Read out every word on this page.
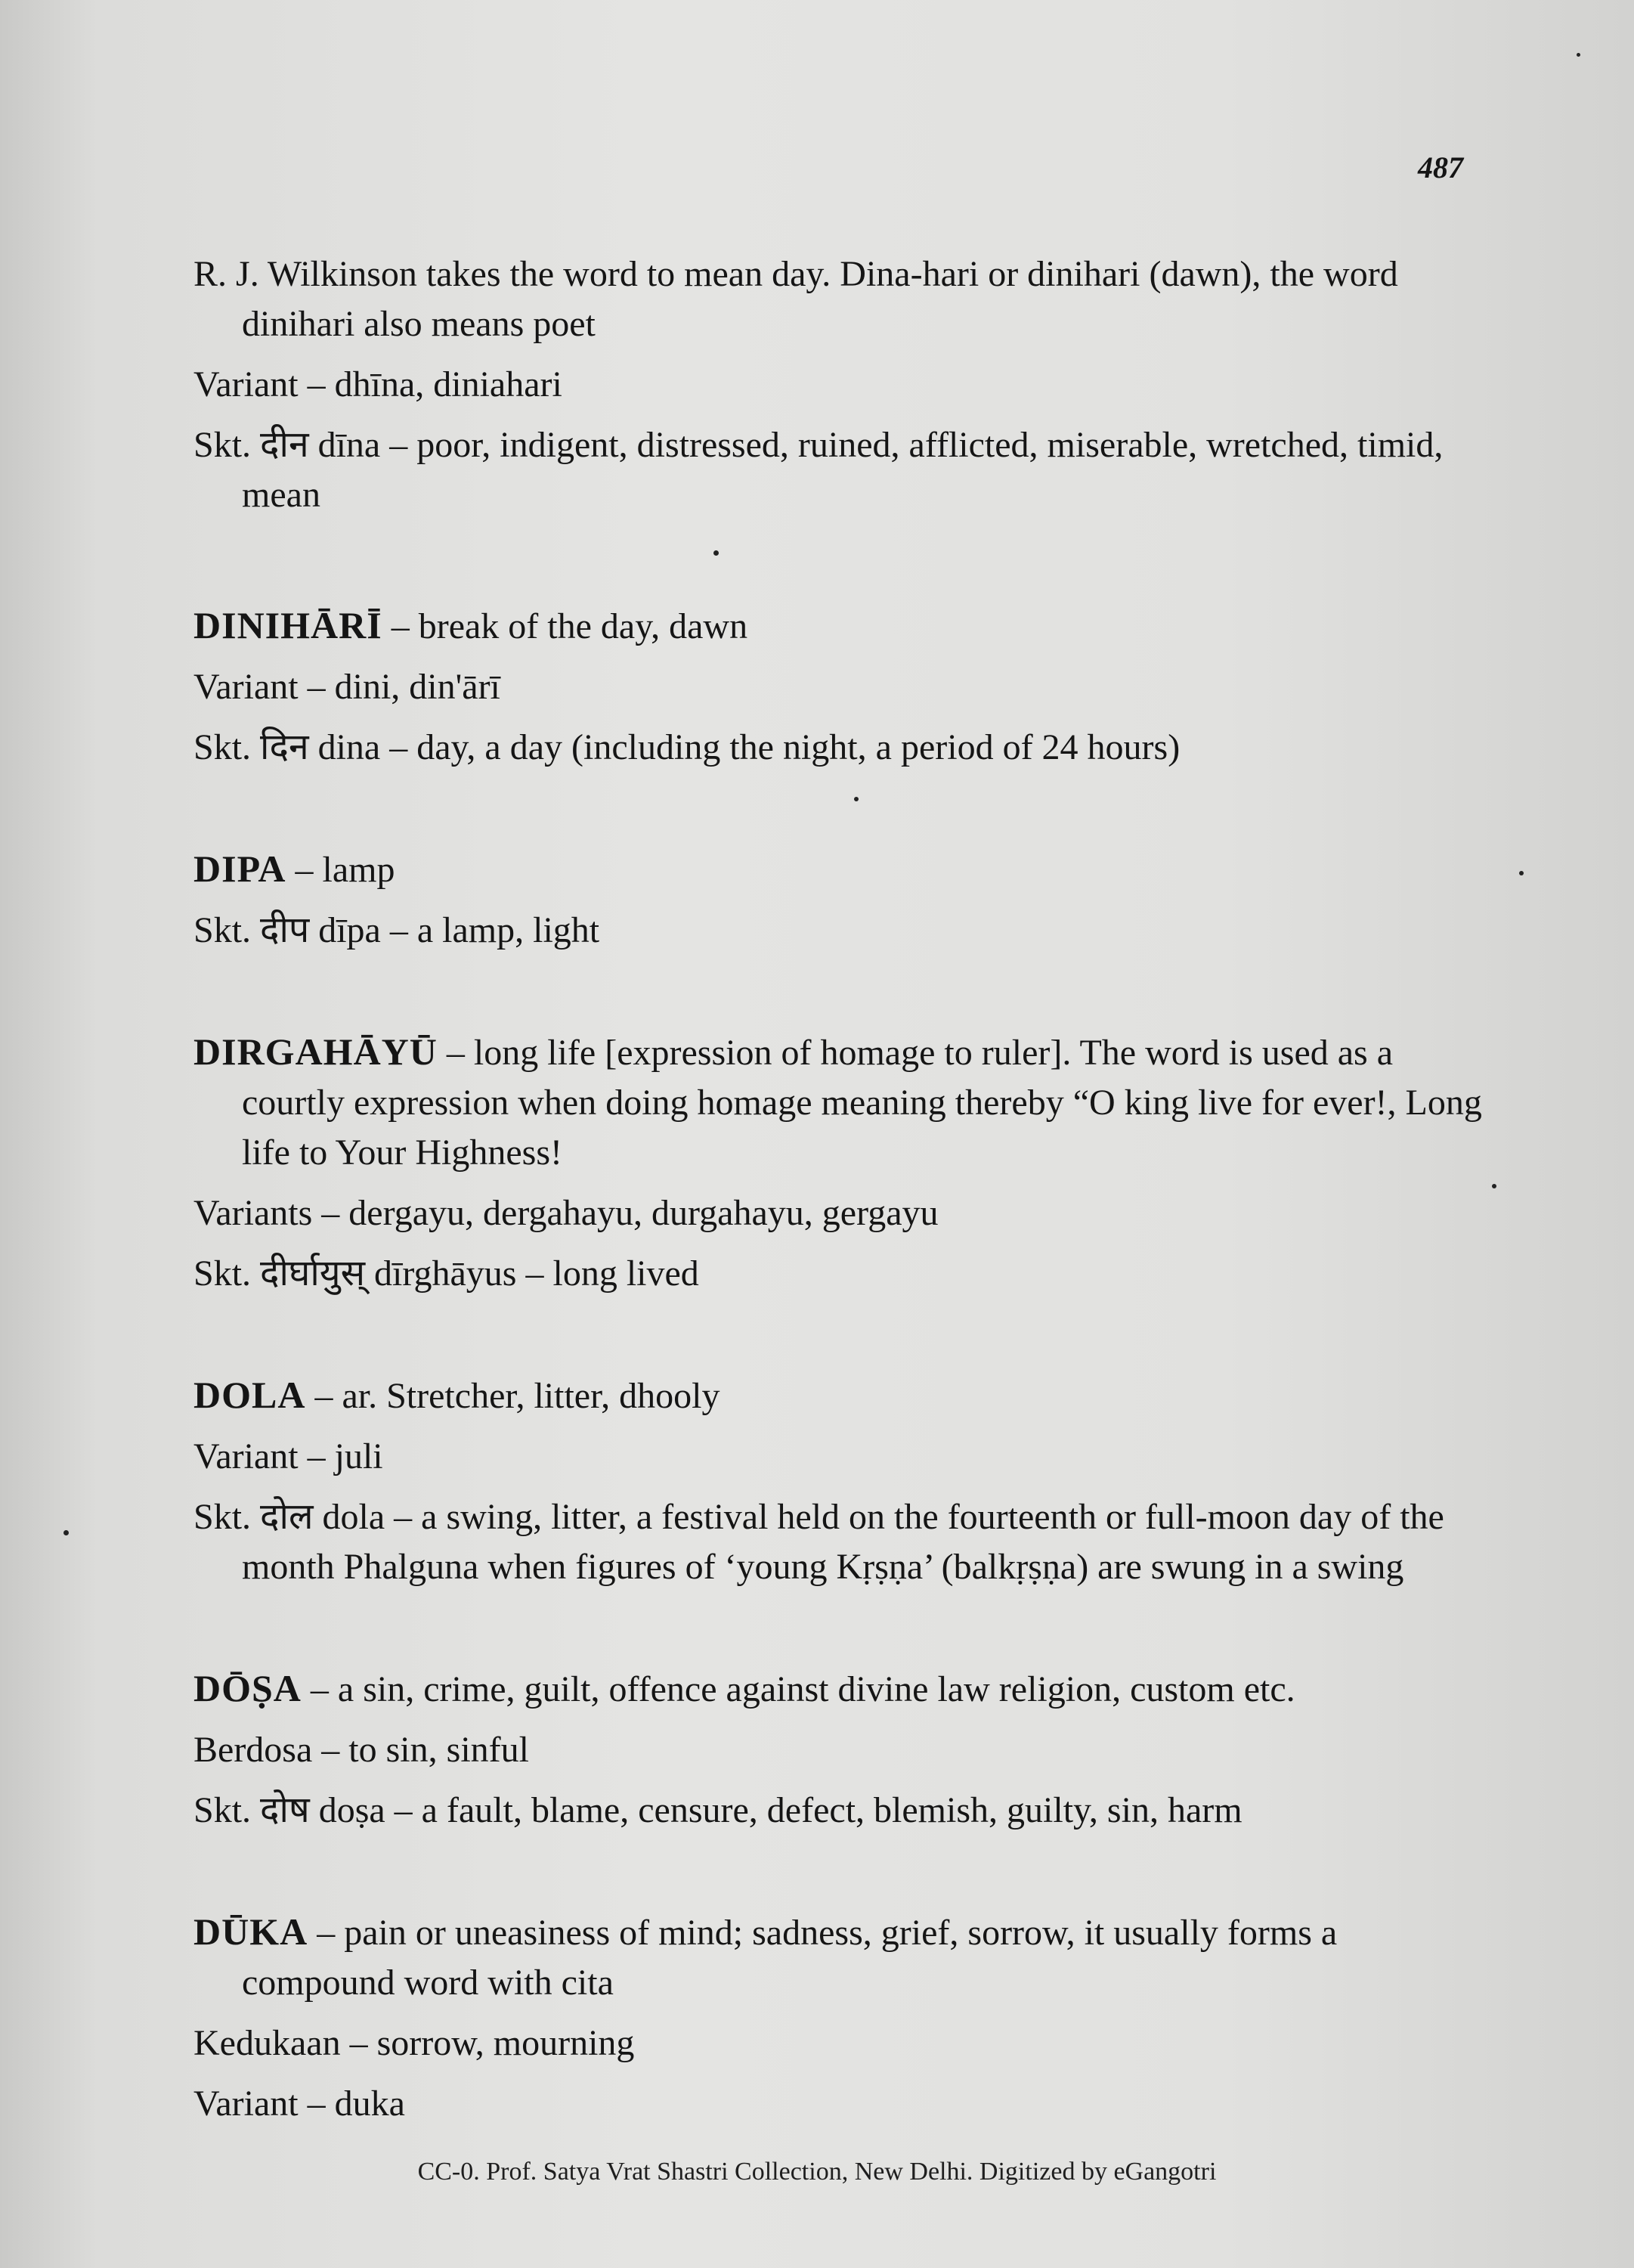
487
R. J. Wilkinson takes the word to mean day. Dina-hari or dinihari (dawn), the word dinihari also means poet
Variant – dhīna, diniahari
Skt. दीन dīna – poor, indigent, distressed, ruined, afflicted, miserable, wretched, timid, mean
DINIHĀRĪ – break of the day, dawn
Variant – dini, din'ārī
Skt. दिन dina – day, a day (including the night, a period of 24 hours)
DIPA – lamp
Skt. दीप dīpa – a lamp, light
DIRGAHĀYŪ – long life [expression of homage to ruler]. The word is used as a courtly expression when doing homage meaning thereby “O king live for ever!, Long life to Your Highness!
Variants – dergayu, dergahayu, durgahayu, gergayu
Skt. दीर्घायुस् dīrghāyus – long lived
DOLA – ar. Stretcher, litter, dhooly
Variant – juli
Skt. दोल dola – a swing, litter, a festival held on the fourteenth or full-moon day of the month Phalguna when figures of ‘young Kṛṣṇa’ (balkṛṣṇa) are swung in a swing
DŌṢA – a sin, crime, guilt, offence against divine law religion, custom etc.
Berdosa – to sin, sinful
Skt. दोष doṣa – a fault, blame, censure, defect, blemish, guilty, sin, harm
DŪKA – pain or uneasiness of mind; sadness, grief, sorrow, it usually forms a compound word with cita
Kedukaan – sorrow, mourning
Variant – duka
CC-0. Prof. Satya Vrat Shastri Collection, New Delhi. Digitized by eGangotri
